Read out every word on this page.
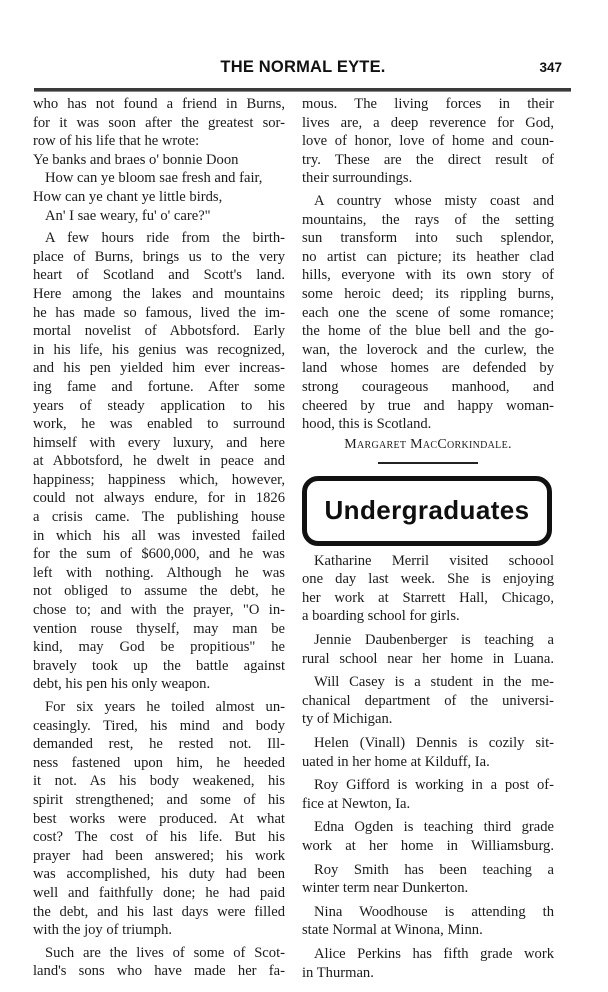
THE NORMAL EYTE.	347
who has not found a friend in Burns,
for it was soon after the greatest sor-
row of his life that he wrote:
Ye banks and braes o' bonnie Doon
How can ye bloom sae fresh and fair,
How can ye chant ye little birds,
An' I sae weary, fu' o' care?"
A few hours ride from the birth-
place of Burns, brings us to the very
heart of Scotland and Scott's land.
Here among the lakes and mountains
he has made so famous, lived the im-
mortal novelist of Abbotsford. Early
in his life, his genius was recognized,
and his pen yielded him ever increas-
ing fame and fortune. After some
years of steady application to his
work, he was enabled to surround
himself with every luxury, and here
at Abbotsford, he dwelt in peace and
happiness; happiness which, however,
could not always endure, for in 1826
a crisis came. The publishing house
in which his all was invested failed
for the sum of $600,000, and he was
left with nothing. Although he was
not obliged to assume the debt, he
chose to; and with the prayer, "O in-
vention rouse thyself, may man be
kind, may God be propitious" he
bravely took up the battle against
debt, his pen his only weapon.
For six years he toiled almost un-
ceasingly. Tired, his mind and body
demanded rest, he rested not. Ill-
ness fastened upon him, he heeded
it not. As his body weakened, his
spirit strengthened; and some of his
best works were produced. At what
cost? The cost of his life. But his
prayer had been answered; his work
was accomplished, his duty had been
well and faithfully done; he had paid
the debt, and his last days were filled
with the joy of triumph.
Such are the lives of some of Scot-
land's sons who have made her fa-
mous. The living forces in their
lives are, a deep reverence for God,
love of honor, love of home and coun-
try. These are the direct result of
their surroundings.
A country whose misty coast and
mountains, the rays of the setting
sun transform into such splendor,
no artist can picture; its heather clad
hills, everyone with its own story of
some heroic deed; its rippling burns,
each one the scene of some romance;
the home of the blue bell and the go-
wan, the loverock and the curlew, the
land whose homes are defended by
strong courageous manhood, and
cheered by true and happy woman-
hood, this is Scotland.
Margaret MacCorkindale.
Undergraduates
Katharine Merril visited schoool
one day last week. She is enjoying
her work at Starrett Hall, Chicago,
a boarding school for girls.
Jennie Daubenberger is teaching a
rural school near her home in Luana.
Will Casey is a student in the me-
chanical department of the universi-
ty of Michigan.
Helen (Vinall) Dennis is cozily sit-
uated in her home at Kilduff, Ia.
Roy Gifford is working in a post of-
fice at Newton, Ia.
Edna Ogden is teaching third grade
work at her home in Williamsburg.
Roy Smith has been teaching a
winter term near Dunkerton.
Nina Woodhouse is attending th
state Normal at Winona, Minn.
Alice Perkins has fifth grade work
in Thurman.
